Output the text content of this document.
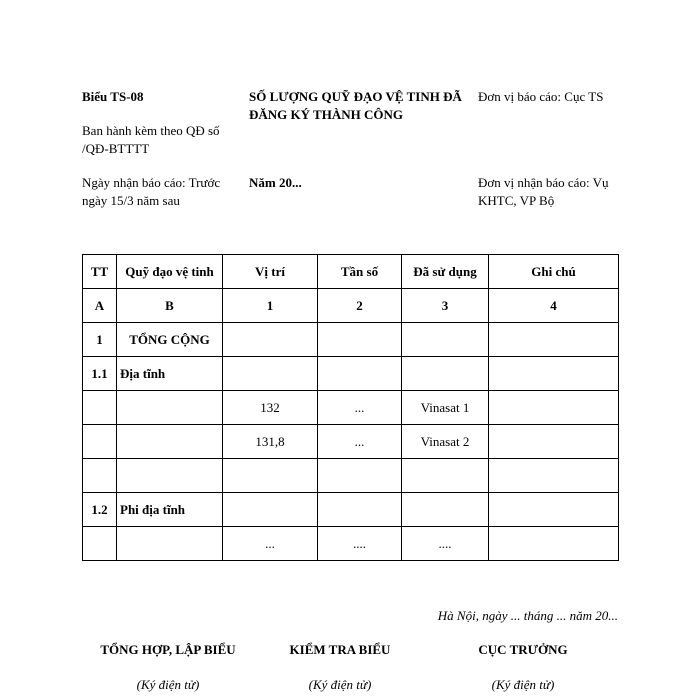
Biểu TS-08
Ban hành kèm theo QĐ số /QĐ-BTTTT
Ngày nhận báo cáo: Trước ngày 15/3 năm sau
SỐ LƯỢNG QUỸ ĐẠO VỆ TINH ĐÃ ĐĂNG KÝ THÀNH CÔNG
Năm 20...
Đơn vị báo cáo: Cục TS
Đơn vị nhận báo cáo: Vụ KHTC, VP Bộ
TT	Quỹ đạo vệ tinh	Vị trí	Tần số	Đã sử dụng	Ghi chú
A	B	1	2	3	4
1	TỔNG CỘNG				
1.1	Địa tĩnh				
		132	...	Vinasat 1	
		131,8	...	Vinasat 2	

1.2	Phi địa tĩnh				
		...	....	....	
Hà Nội, ngày ... tháng ... năm 20...
TỔNG HỢP, LẬP BIỂU	KIỂM TRA BIỂU	CỤC TRƯỞNG
(Ký điện tử)	(Ký điện tử)	(Ký điện tử)
